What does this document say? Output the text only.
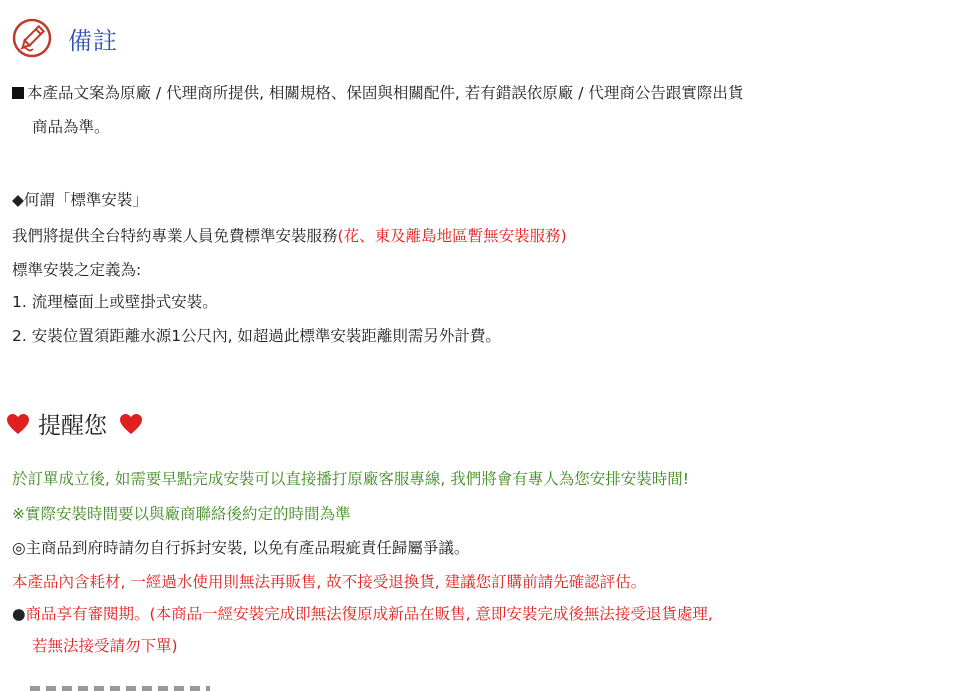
備註
本產品文案為原廠 / 代理商所提供, 相關規格、保固與相關配件, 若有錯誤依原廠 / 代理商公告跟實際出貨
商品為準。
◆何謂「標準安裝」
我們將提供全台特約專業人員免費標準安裝服務(花、東及離島地區暫無安裝服務)
標準安裝之定義為:
1. 流理檯面上或壁掛式安裝。
2. 安裝位置須距離水源1公尺內, 如超過此標準安裝距離則需另外計費。
提醒您
於訂單成立後, 如需要早點完成安裝可以直接播打原廠客服專線, 我們將會有專人為您安排安裝時間!
※實際安裝時間要以與廠商聯絡後約定的時間為準
◎主商品到府時請勿自行拆封安裝, 以免有產品瑕疵責任歸屬爭議。
本產品內含耗材, 一經過水使用則無法再販售, 故不接受退換貨, 建議您訂購前請先確認評估。
●商品享有審閱期。(本商品一經安裝完成即無法復原成新品在販售, 意即安裝完成後無法接受退貨處理,
若無法接受請勿下單)
